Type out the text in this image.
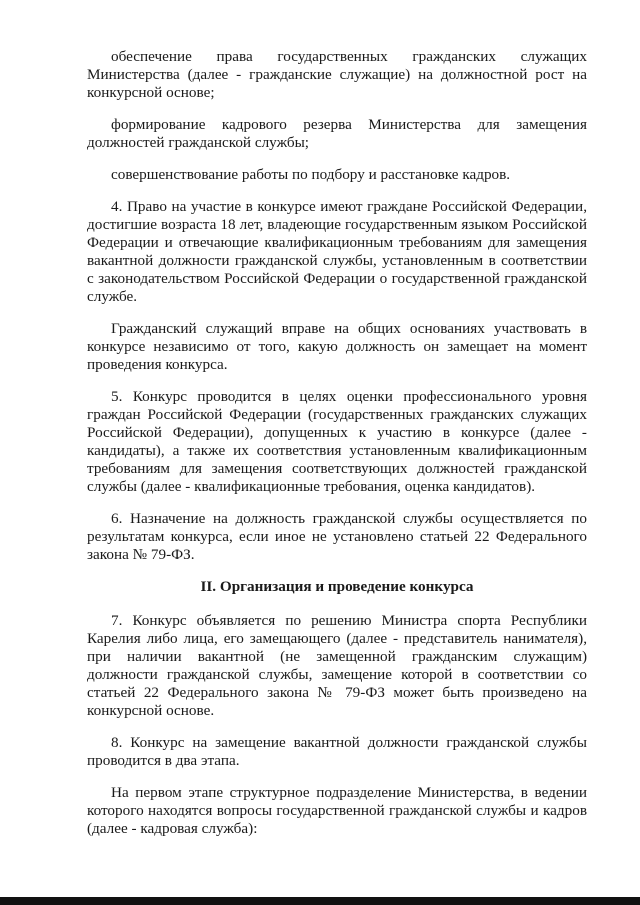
обеспечение права государственных гражданских служащих Министерства (далее - гражданские служащие) на должностной рост на конкурсной основе;

формирование кадрового резерва Министерства для замещения должностей гражданской службы;

совершенствование работы по подбору и расстановке кадров.

4. Право на участие в конкурсе имеют граждане Российской Федерации, достигшие возраста 18 лет, владеющие государственным языком Российской Федерации и отвечающие квалификационным требованиям для замещения вакантной должности гражданской службы, установленным в соответствии с законодательством Российской Федерации о государственной гражданской службе.

Гражданский служащий вправе на общих основаниях участвовать в конкурсе независимо от того, какую должность он замещает на момент проведения конкурса.

5. Конкурс проводится в целях оценки профессионального уровня граждан Российской Федерации (государственных гражданских служащих Российской Федерации), допущенных к участию в конкурсе (далее - кандидаты), а также их соответствия установленным квалификационным требованиям для замещения соответствующих должностей гражданской службы (далее - квалификационные требования, оценка кандидатов).

6. Назначение на должность гражданской службы осуществляется по результатам конкурса, если иное не установлено статьей 22 Федерального закона № 79-ФЗ.

II. Организация и проведение конкурса

7. Конкурс объявляется по решению Министра спорта Республики Карелия либо лица, его замещающего (далее - представитель нанимателя), при наличии вакантной (не замещенной гражданским служащим) должности гражданской службы, замещение которой в соответствии со статьей 22 Федерального закона № 79-ФЗ может быть произведено на конкурсной основе.

8. Конкурс на замещение вакантной должности гражданской службы проводится в два этапа.

На первом этапе структурное подразделение Министерства, в ведении которого находятся вопросы государственной гражданской службы и кадров (далее - кадровая служба):
